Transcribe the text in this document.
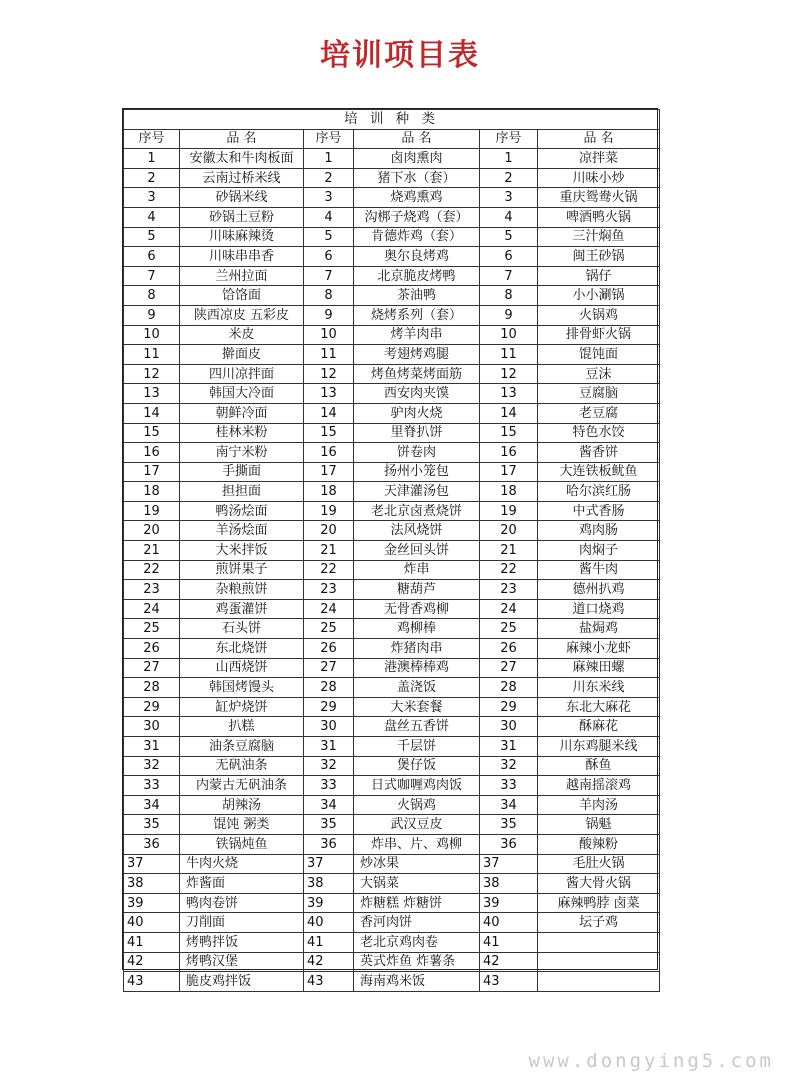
培训项目表
培 训 种 类					
序号	品 名	序号	品 名	序号	品 名
1	安徽太和牛肉板面	1	卤肉熏肉	1	凉拌菜
2	云南过桥米线	2	猪下水（套）	2	川味小炒
3	砂锅米线	3	烧鸡熏鸡	3	重庆鸳鸯火锅
4	砂锅土豆粉	4	沟梆子烧鸡（套）	4	啤酒鸭火锅
5	川味麻辣烫	5	肯德炸鸡（套）	5	三汁焖鱼
6	川味串串香	6	奥尔良烤鸡	6	闽王砂锅
7	兰州拉面	7	北京脆皮烤鸭	7	锅仔
8	饸饹面	8	茶油鸭	8	小小涮锅
9	陕西凉皮 五彩皮	9	烧烤系列（套）	9	火锅鸡
10	米皮	10	烤羊肉串	10	排骨虾火锅
11	擀面皮	11	考翅烤鸡腿	11	馄饨面
12	四川凉拌面	12	烤鱼烤菜烤面筋	12	豆沫
13	韩国大冷面	13	西安肉夹馍	13	豆腐脑
14	朝鲜冷面	14	驴肉火烧	14	老豆腐
15	桂林米粉	15	里脊扒饼	15	特色水饺
16	南宁米粉	16	饼卷肉	16	酱香饼
17	手撕面	17	扬州小笼包	17	大连铁板鱿鱼
18	担担面	18	天津灌汤包	18	哈尔滨红肠
19	鸭汤烩面	19	老北京卤煮烧饼	19	中式香肠
20	羊汤烩面	20	法风烧饼	20	鸡肉肠
21	大米拌饭	21	金丝回头饼	21	肉焖子
22	煎饼果子	22	炸串	22	酱牛肉
23	杂粮煎饼	23	糖葫芦	23	德州扒鸡
24	鸡蛋灌饼	24	无骨香鸡柳	24	道口烧鸡
25	石头饼	25	鸡柳棒	25	盐焗鸡
26	东北烧饼	26	炸猪肉串	26	麻辣小龙虾
27	山西烧饼	27	港澳棒棒鸡	27	麻辣田螺
28	韩国烤馒头	28	盖浇饭	28	川东米线
29	缸炉烧饼	29	大米套餐	29	东北大麻花
30	扒糕	30	盘丝五香饼	30	酥麻花
31	油条豆腐脑	31	千层饼	31	川东鸡腿米线
32	无矾油条	32	煲仔饭	32	酥鱼
33	内蒙古无矾油条	33	日式咖喱鸡肉饭	33	越南摇滚鸡
34	胡辣汤	34	火锅鸡	34	羊肉汤
35	馄饨 粥类	35	武汉豆皮	35	锅魁
36	铁锅炖鱼	36	炸串、片、鸡柳	36	酸辣粉
37	牛肉火烧	37	炒冰果	37	毛肚火锅
38	炸酱面	38	大锅菜	38	酱大骨火锅
39	鸭肉卷饼	39	炸糖糕 炸糖饼	39	麻辣鸭脖 卤菜
40	刀削面	40	香河肉饼	40	坛子鸡
41	烤鸭拌饭	41	老北京鸡肉卷	41	
42	烤鸭汉堡	42	英式炸鱼 炸薯条	42	
43	脆皮鸡拌饭	43	海南鸡米饭	43	
www.dongying5.com
